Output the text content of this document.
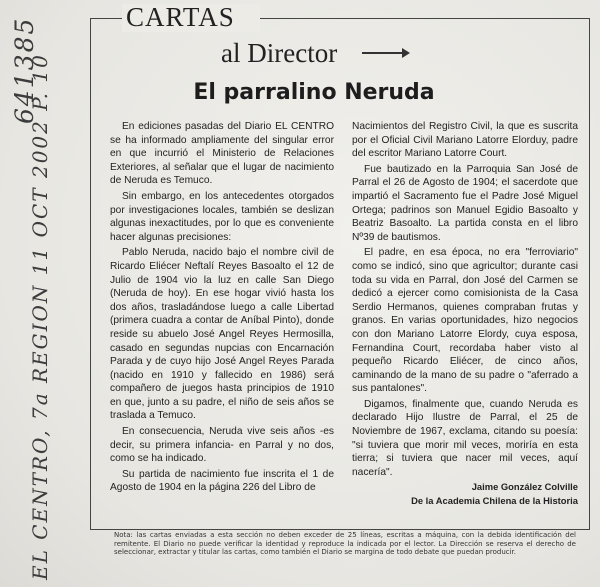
641385
EL CENTRO, 7a REGION 11 OCT 2002 P. 10
CARTAS
al Director
El parralino Neruda

En ediciones pasadas del Diario EL CENTRO se ha informado ampliamente del singular error en que incurrió el Ministerio de Relaciones Exteriores, al señalar que el lugar de nacimiento de Neruda es Temuco.

Sin embargo, en los antecedentes otorgados por investigaciones locales, también se deslizan algunas inexactitudes, por lo que es conveniente hacer algunas precisiones:

Pablo Neruda, nacido bajo el nombre civil de Ricardo Eliécer Neftalí Reyes Basoalto el 12 de Julio de 1904 vio la luz en calle San Diego (Neruda de hoy). En ese hogar vivió hasta los dos años, trasladándose luego a calle Libertad (primera cuadra a contar de Aníbal Pinto), donde reside su abuelo José Angel Reyes Hermosilla, casado en segundas nupcias con Encarnación Parada y de cuyo hijo José Angel Reyes Parada (nacido en 1910 y fallecido en 1986) será compañero de juegos hasta principios de 1910 en que, junto a su padre, el niño de seis años se traslada a Temuco.

En consecuencia, Neruda vive seis años -es decir, su primera infancia- en Parral y no dos, como se ha indicado.

Su partida de nacimiento fue inscrita el 1 de Agosto de 1904 en la página 226 del Libro de

Nacimientos del Registro Civil, la que es suscrita por el Oficial Civil Mariano Latorre Elorduy, padre del escritor Mariano Latorre Court.

Fue bautizado en la Parroquia San José de Parral el 26 de Agosto de 1904; el sacerdote que impartió el Sacramento fue el Padre José Miguel Ortega; padrinos son Manuel Egidio Basoalto y Beatriz Basoalto. La partida consta en el libro Nº39 de bautismos.

El padre, en esa época, no era "ferroviario" como se indicó, sino que agricultor; durante casi toda su vida en Parral, don José del Carmen se dedicó a ejercer como comisionista de la Casa Serdio Hermanos, quienes compraban frutas y granos. En varias oportunidades, hizo negocios con don Mariano Latorre Elordy, cuya esposa, Fernandina Court, recordaba haber visto al pequeño Ricardo Eliécer, de cinco años, caminando de la mano de su padre o "aferrado a sus pantalones".

Digamos, finalmente que, cuando Neruda es declarado Hijo Ilustre de Parral, el 25 de Noviembre de 1967, exclama, citando su poesía: "si tuviera que morir mil veces, moriría en esta tierra; si tuviera que nacer mil veces, aquí nacería".

Jaime González Colville

De la Academia Chilena de la Historia

Nota: las cartas enviadas a esta sección no deben exceder de 25 líneas, escritas a máquina, con la debida identificación del remitente. El Diario no puede verificar la identidad y reproduce la indicada por el lector. La Dirección se reserva el derecho de seleccionar, extractar y titular las cartas, como también el Diario se margina de todo debate que puedan producir.
